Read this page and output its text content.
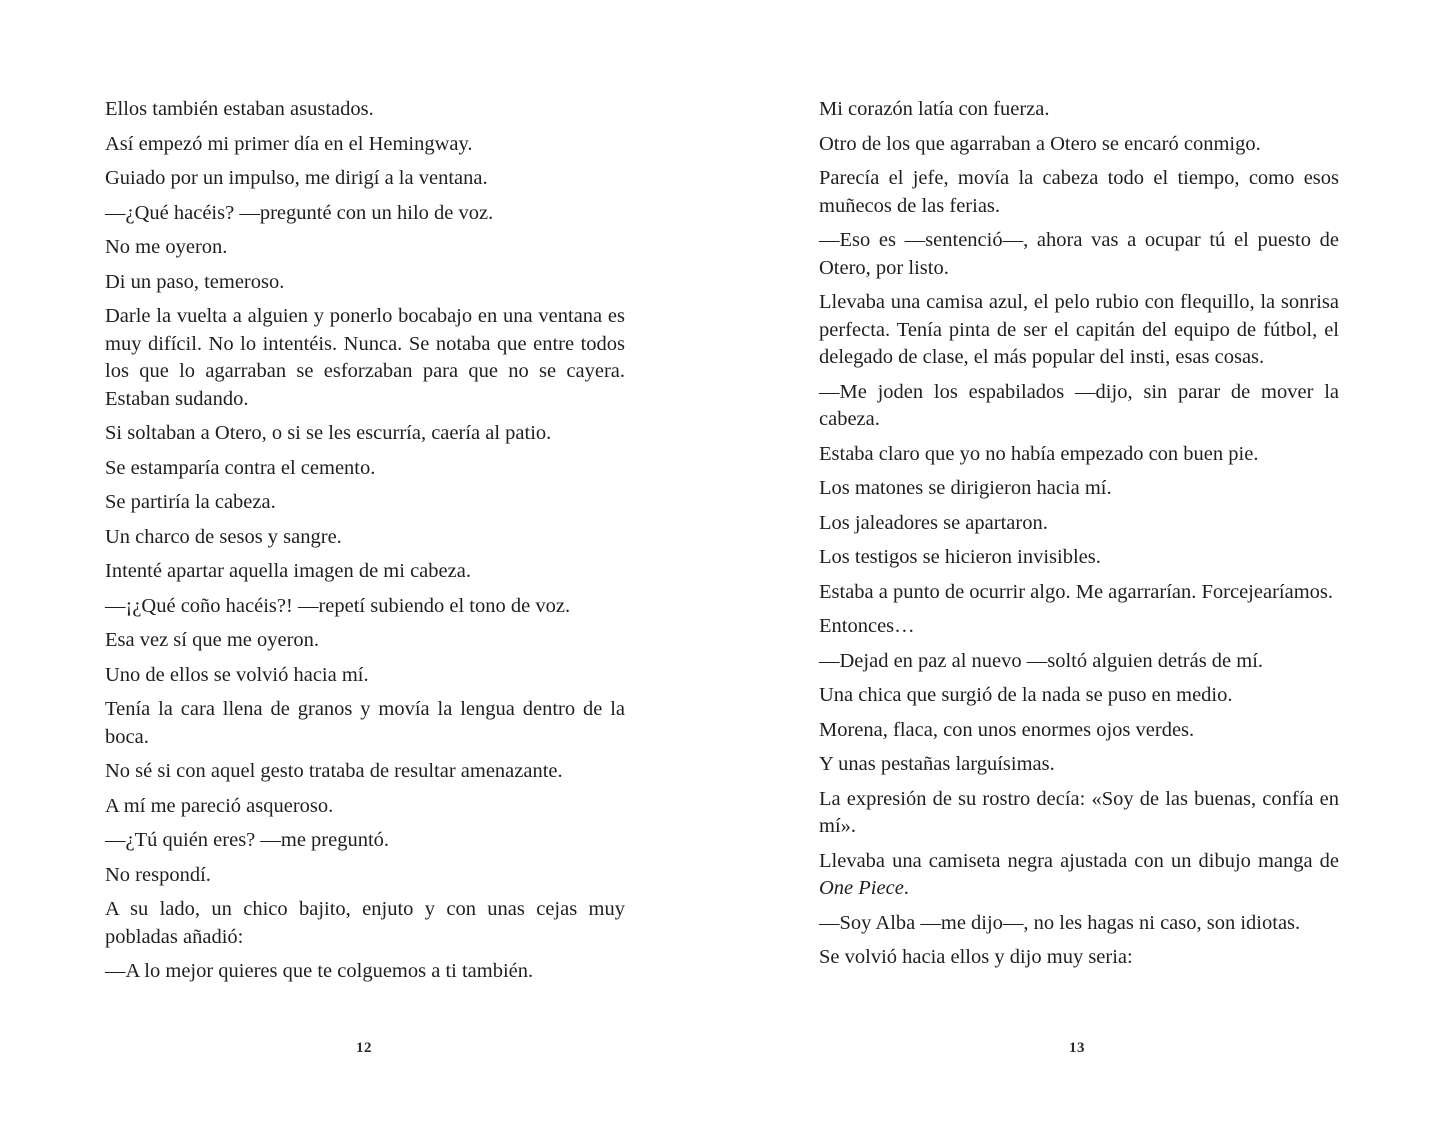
Ellos también estaban asustados.

Así empezó mi primer día en el Hemingway.

Guiado por un impulso, me dirigí a la ventana.

—¿Qué hacéis? —pregunté con un hilo de voz.

No me oyeron.

Di un paso, temeroso.

Darle la vuelta a alguien y ponerlo bocabajo en una ventana es muy difícil. No lo intentéis. Nunca. Se notaba que entre todos los que lo agarraban se esforzaban para que no se cayera. Estaban sudando.

Si soltaban a Otero, o si se les escurría, caería al patio.

Se estamparía contra el cemento.

Se partiría la cabeza.

Un charco de sesos y sangre.

Intenté apartar aquella imagen de mi cabeza.

—¡¿Qué coño hacéis?! —repetí subiendo el tono de voz.

Esa vez sí que me oyeron.

Uno de ellos se volvió hacia mí.

Tenía la cara llena de granos y movía la lengua dentro de la boca.

No sé si con aquel gesto trataba de resultar amenazante.

A mí me pareció asqueroso.

—¿Tú quién eres? —me preguntó.

No respondí.

A su lado, un chico bajito, enjuto y con unas cejas muy pobladas añadió:

—A lo mejor quieres que te colguemos a ti también.

12

Mi corazón latía con fuerza.

Otro de los que agarraban a Otero se encaró conmigo.

Parecía el jefe, movía la cabeza todo el tiempo, como esos muñecos de las ferias.

—Eso es —sentenció—, ahora vas a ocupar tú el puesto de Otero, por listo.

Llevaba una camisa azul, el pelo rubio con flequillo, la sonrisa perfecta. Tenía pinta de ser el capitán del equipo de fútbol, el delegado de clase, el más popular del insti, esas cosas.

—Me joden los espabilados —dijo, sin parar de mover la cabeza.

Estaba claro que yo no había empezado con buen pie.

Los matones se dirigieron hacia mí.

Los jaleadores se apartaron.

Los testigos se hicieron invisibles.

Estaba a punto de ocurrir algo. Me agarrarían. Forcejearíamos.

Entonces…

—Dejad en paz al nuevo —soltó alguien detrás de mí.

Una chica que surgió de la nada se puso en medio.

Morena, flaca, con unos enormes ojos verdes.

Y unas pestañas larguísimas.

La expresión de su rostro decía: «Soy de las buenas, confía en mí».

Llevaba una camiseta negra ajustada con un dibujo manga de One Piece.

—Soy Alba —me dijo—, no les hagas ni caso, son idiotas.

Se volvió hacia ellos y dijo muy seria:

13
